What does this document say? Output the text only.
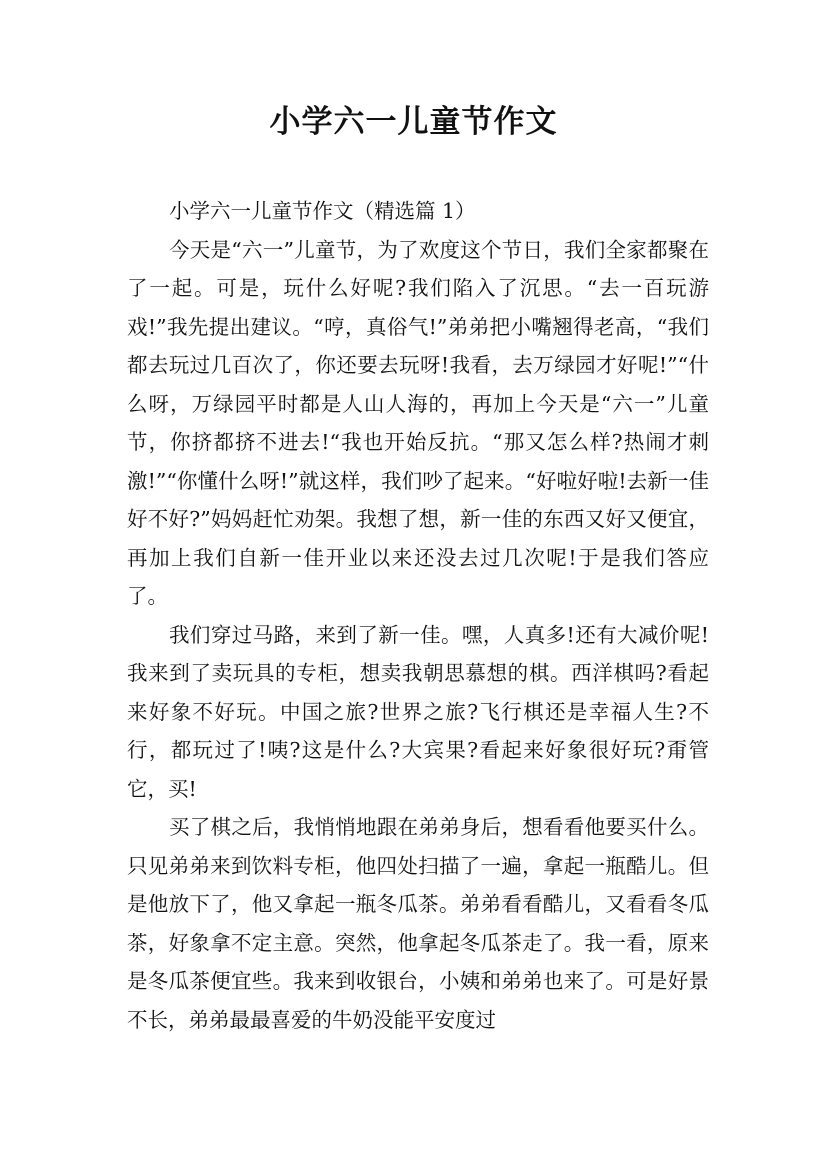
小学六一儿童节作文

小学六一儿童节作文（精选篇 1）

今天是“六一”儿童节，为了欢度这个节日，我们全家都聚在了一起。可是，玩什么好呢?我们陷入了沉思。“去一百玩游戏!”我先提出建议。“哼，真俗气!”弟弟把小嘴翘得老高，“我们都去玩过几百次了，你还要去玩呀!我看，去万绿园才好呢!”“什么呀，万绿园平时都是人山人海的，再加上今天是“六一”儿童节，你挤都挤不进去!“我也开始反抗。“那又怎么样?热闹才刺激!”“你懂什么呀!”就这样，我们吵了起来。“好啦好啦!去新一佳好不好?”妈妈赶忙劝架。我想了想，新一佳的东西又好又便宜，再加上我们自新一佳开业以来还没去过几次呢!于是我们答应了。

我们穿过马路，来到了新一佳。嘿，人真多!还有大减价呢!我来到了卖玩具的专柜，想卖我朝思慕想的棋。西洋棋吗?看起来好象不好玩。中国之旅?世界之旅?飞行棋还是幸福人生?不行，都玩过了!咦?这是什么?大宾果?看起来好象很好玩?甭管它，买!

买了棋之后，我悄悄地跟在弟弟身后，想看看他要买什么。只见弟弟来到饮料专柜，他四处扫描了一遍，拿起一瓶酷儿。但是他放下了，他又拿起一瓶冬瓜茶。弟弟看看酷儿，又看看冬瓜茶，好象拿不定主意。突然，他拿起冬瓜茶走了。我一看，原来是冬瓜茶便宜些。我来到收银台，小姨和弟弟也来了。可是好景不长，弟弟最最喜爱的牛奶没能平安度过
